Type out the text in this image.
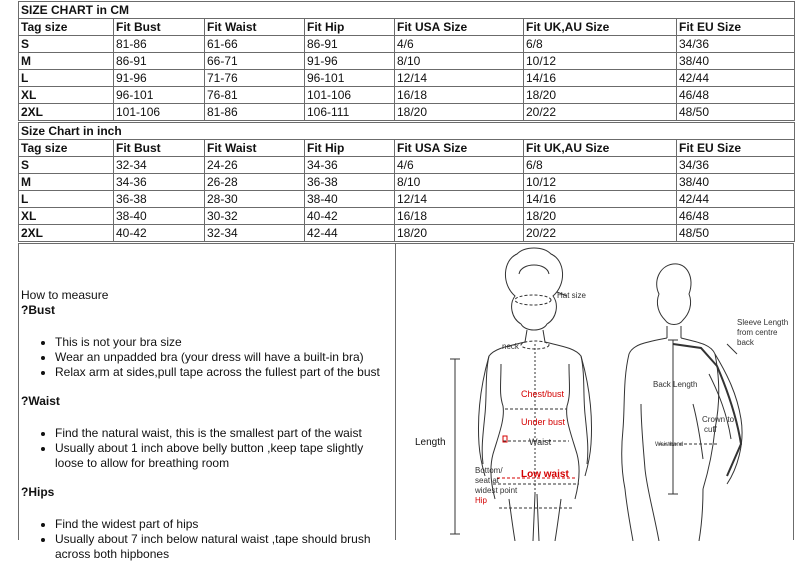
SIZE CHART in CM						
Tag size	Fit Bust	Fit Waist	Fit Hip	Fit USA Size	Fit UK,AU Size	Fit EU Size
S	81-86	61-66	86-91	4/6	6/8	34/36
M	86-91	66-71	91-96	8/10	10/12	38/40
L	91-96	71-76	96-101	12/14	14/16	42/44
XL	96-101	76-81	101-106	16/18	18/20	46/48
2XL	101-106	81-86	106-111	18/20	20/22	48/50
Size Chart in inch						
Tag size	Fit Bust	Fit Waist	Fit Hip	Fit USA Size	Fit UK,AU Size	Fit EU Size
S	32-34	24-26	34-36	4/6	6/8	34/36
M	34-36	26-28	36-38	8/10	10/12	38/40
L	36-38	28-30	38-40	12/14	14/16	42/44
XL	38-40	30-32	40-42	16/18	18/20	46/48
2XL	40-42	32-34	42-44	18/20	20/22	48/50

How to measure

?Bust

• This is not your bra size
• Wear an unpadded bra (your dress will have a built-in bra)
• Relax arm at sides,pull tape across the fullest part of the bust

?Waist

• Find the natural waist, this is the smallest part of the waist
• Usually about 1 inch above belly button ,keep tape slightly loose to allow for breathing room

?Hips

• Find the widest part of hips
• Usually about 7 inch below natural waist ,tape should brush across both hipbones
Hat size
neck
Chest/bust
Under bust
Waist
Length
Bottom/
seat at
widest point
Hip
Low waist
Sleeve Length
from centre
back
Back Length
Crown to
cuff
Waistband
